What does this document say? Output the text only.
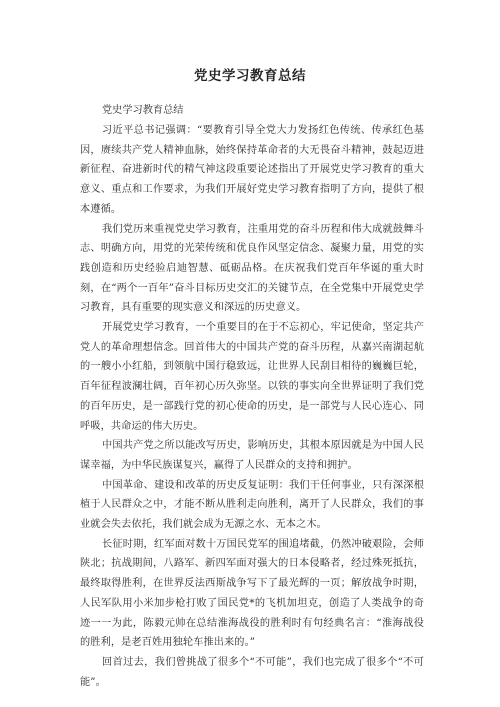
党史学习教育总结

党史学习教育总结

习近平总书记强调：“要教育引导全党大力发扬红色传统、传承红色基因，赓续共产党人精神血脉，始终保持革命者的大无畏奋斗精神，鼓起迈进新征程、奋进新时代的精气神这段重要论述指出了开展党史学习教育的重大意义、重点和工作要求，为我们开展好党史学习教育指明了方向，提供了根本遵循。

我们党历来重视党史学习教育，注重用党的奋斗历程和伟大成就鼓舞斗志、明确方向，用党的光荣传统和优良作风坚定信念、凝聚力量，用党的实践创造和历史经验启迪智慧、砥砺品格。在庆祝我们党百年华诞的重大时刻，在“两个一百年”奋斗目标历史交汇的关键节点，在全党集中开展党史学习教育，具有重要的现实意义和深远的历史意义。

开展党史学习教育，一个重要目的在于不忘初心，牢记使命，坚定共产党人的革命理想信念。回首伟大的中国共产党的奋斗历程，从嘉兴南湖起航的一艘小小红船，到领航中国行稳致远，让世界人民刮目相待的巍巍巨轮，百年征程波澜壮阔，百年初心历久弥坚。以铁的事实向全世界证明了我们党的百年历史，是一部践行党的初心使命的历史，是一部党与人民心连心、同呼吸，共命运的伟大历史。

中国共产党之所以能改写历史，影响历史，其根本原因就是为中国人民谋幸福，为中华民族谋复兴，赢得了人民群众的支持和拥护。

中国革命、建设和改革的历史反复证明：我们干任何事业，只有深深根植于人民群众之中，才能不断从胜利走向胜利，离开了人民群众，我们的事业就会失去依托，我们就会成为无源之水、无本之木。

长征时期，红军面对数十万国民党军的围追堵截，仍然冲破艰险，会师陕北；抗战期间，八路军、新四军面对强大的日本侵略者，经过殊死抵抗，最终取得胜利，在世界反法西斯战争写下了最光辉的一页；解放战争时期，人民军队用小米加步枪打败了国民党*的飞机加坦克，创造了人类战争的奇迹一一为此，陈毅元帅在总结淮海战役的胜利时有句经典名言：“淮海战役的胜利，是老百姓用独轮车推出来的。”

回首过去，我们曾挑战了很多个“不可能”，我们也完成了很多个“不可能”。
